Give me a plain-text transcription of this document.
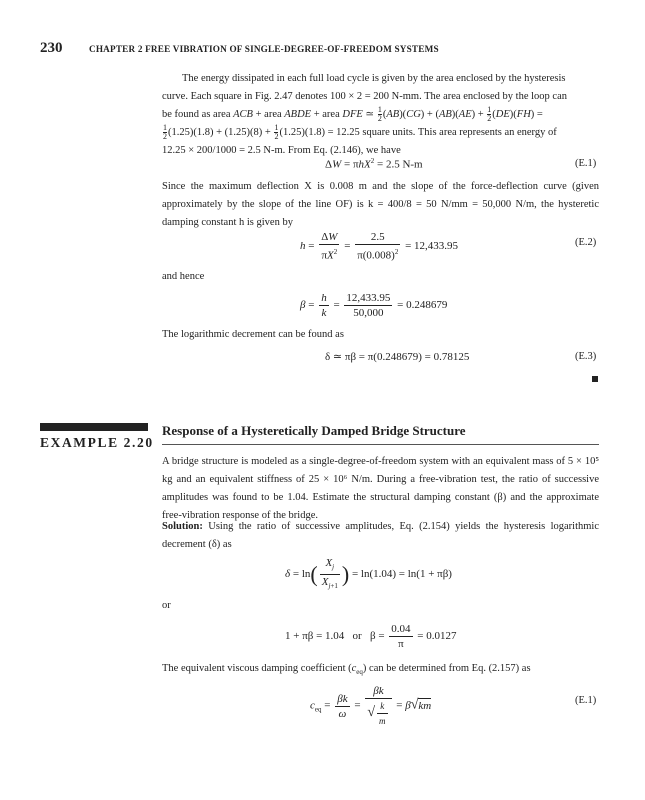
230	CHAPTER 2 FREE VIBRATION OF SINGLE-DEGREE-OF-FREEDOM SYSTEMS
The energy dissipated in each full load cycle is given by the area enclosed by the hysteresis
curve. Each square in Fig. 2.47 denotes 100 × 2 = 200 N-mm. The area enclosed by the loop can
be found as area ACB + area ABDE + area DFE ≃ $\frac{1}{2} (AB)(CG) + (AB)(AE) + \frac{1}{2} (DE)(FH)$ =
$\frac{1}{2} (1.25)(1.8) + (1.25)(8) + \frac{1}{2} (1.25)(1.8) = 12.25$ square units. This area represents an energy of
12.25 × 200/1000 = 2.5 N-m. From Eq. (2.146), we have
ΔW = πhX$^2$ = 2.5 N-m	(E.1)
Since the maximum deflection X is 0.008 m and the slope of the force-deflection curve (given approximately by the slope of the line OF) is k = 400/8 = 50 N/mm = 50,000 N/m, the hysteretic damping constant h is given by
$h = \frac{\Delta W}{\pi X^2} = \frac{2.5}{\pi(0.008)^2} = 12,433.95$	(E.2)
and hence
$\beta = \frac{h}{k} = \frac{12,433.95}{50,000} = 0.248679$
The logarithmic decrement can be found as
δ ≃ πβ = π(0.248679) = 0.78125	(E.3)
EXAMPLE 2.20
Response of a Hysteretically Damped Bridge Structure
A bridge structure is modeled as a single-degree-of-freedom system with an equivalent mass of 5 × 10⁵ kg and an equivalent stiffness of 25 × 10⁶ N/m. During a free-vibration test, the ratio of successive amplitudes was found to be 1.04. Estimate the structural damping constant (β) and the approximate free-vibration response of the bridge.
Solution: Using the ratio of successive amplitudes, Eq. (2.154) yields the hysteresis logarithmic decrement (δ) as
$\delta = \ln( \frac{X_j}{X_{j+1}}$ ) = ln(1.04) = ln(1 + πβ)
or
1 + πβ = 1.04   or   $\beta = \frac{0.04}{\pi} = 0.0127$
The equivalent viscous damping coefficient $(c_{eq})$ can be determined from Eq. (2.157) as
$c_{eq} = \frac{\beta k}{\omega} = \frac{\beta k}{√ \frac{k}{m}} = \beta√km$	(E.1)
